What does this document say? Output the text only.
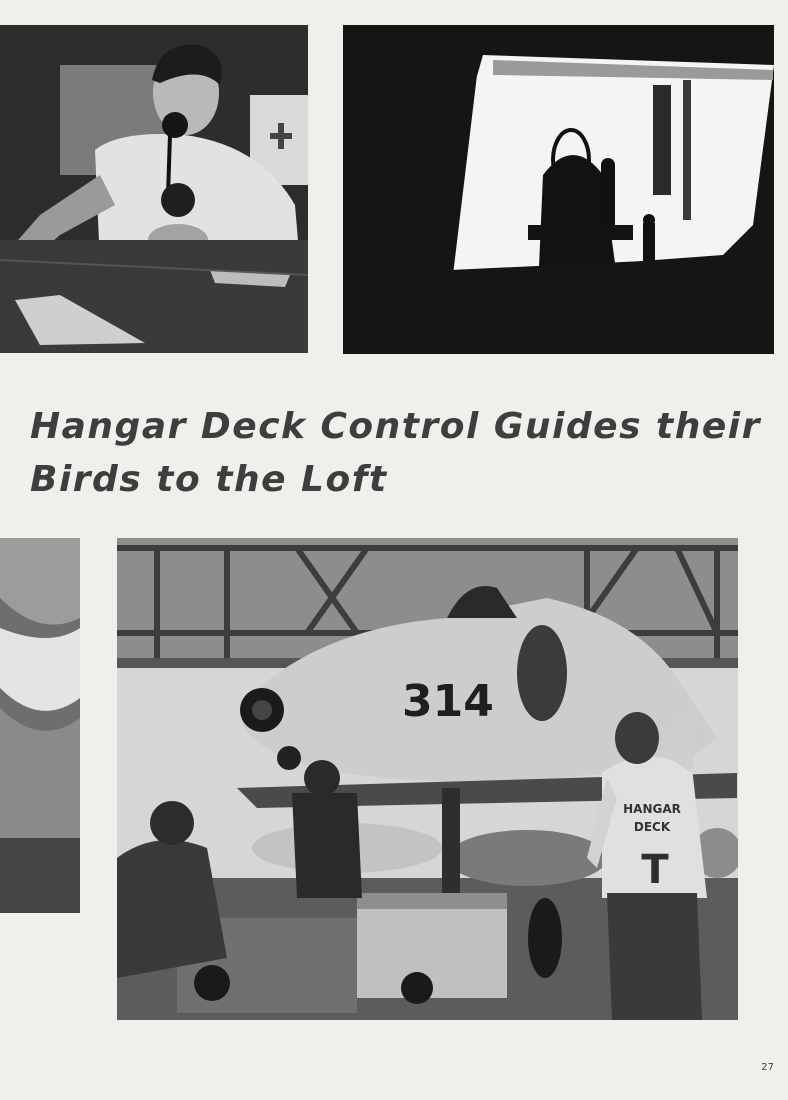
Hangar Deck Control Guides their
Birds to the Loft
314
HANGAR
DECK
T
27
